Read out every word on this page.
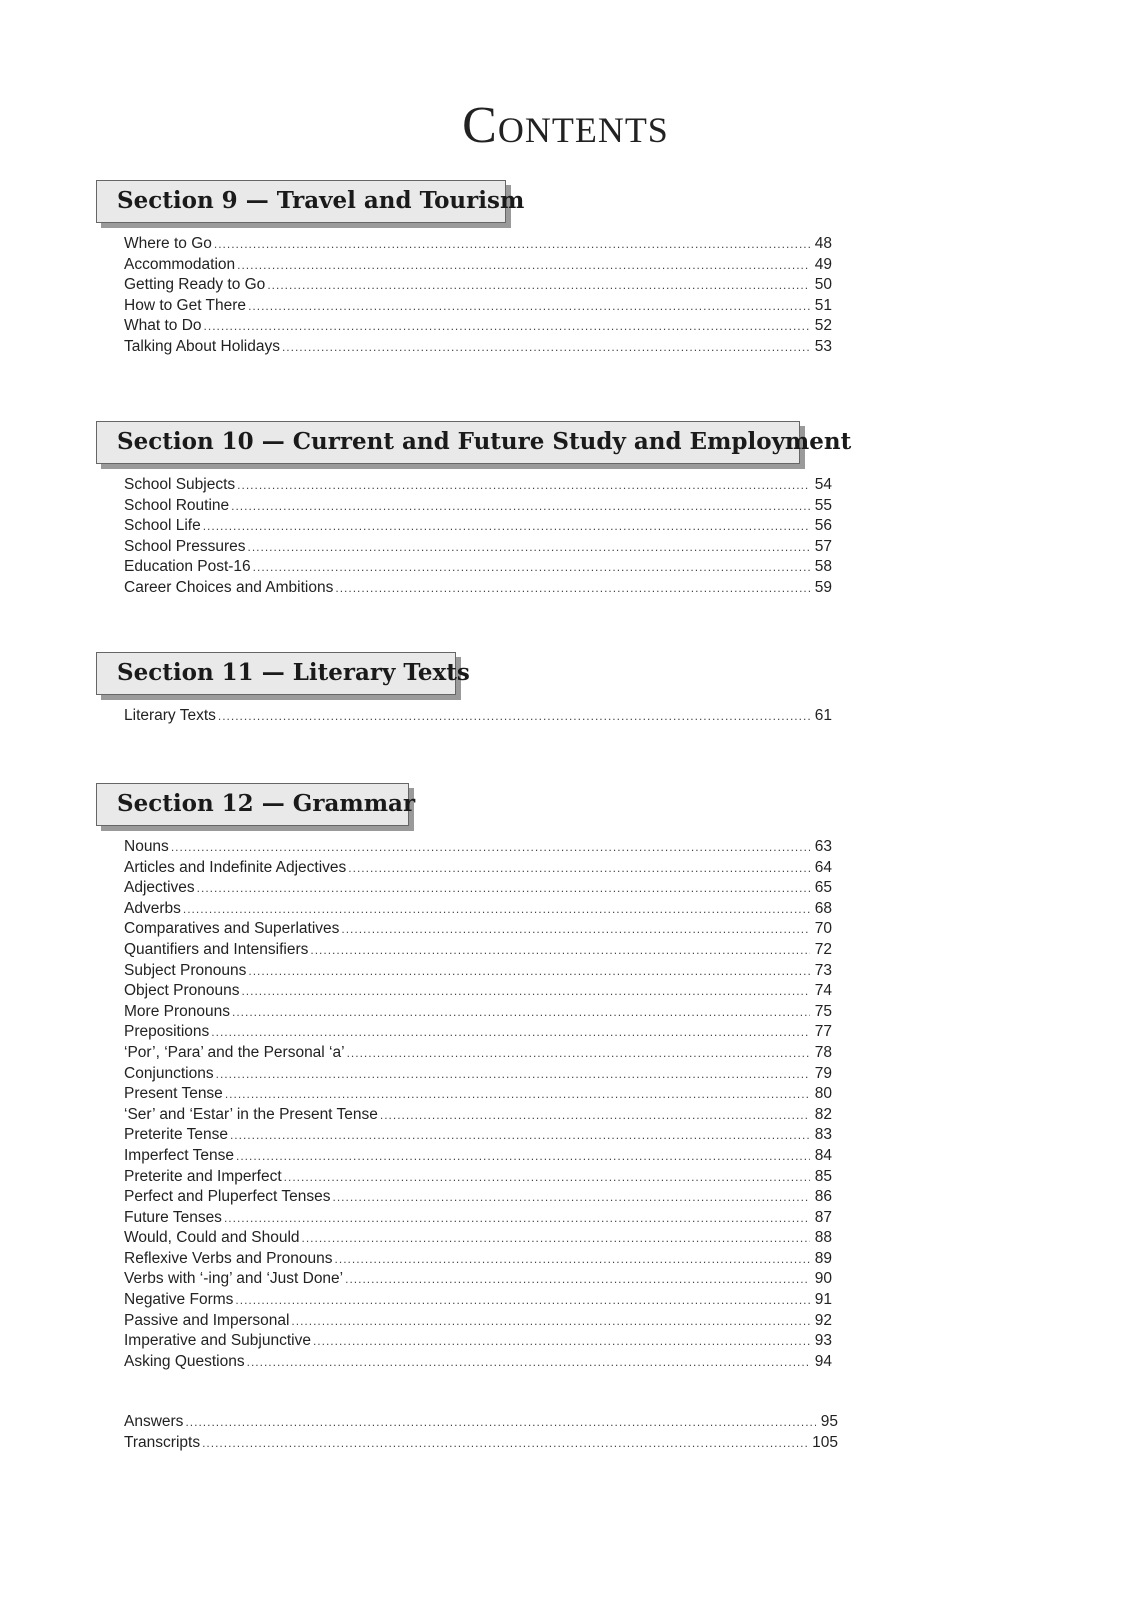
Contents
Section 9 — Travel and Tourism
Where to Go .....	48
Accommodation .....	49
Getting Ready to Go .....	50
How to Get There .....	51
What to Do .....	52
Talking About Holidays .....	53
Section 10 — Current and Future Study and Employment
School Subjects .....	54
School Routine .....	55
School Life .....	56
School Pressures .....	57
Education Post-16 .....	58
Career Choices and Ambitions .....	59
Section 11 — Literary Texts
Literary Texts .....	61
Section 12 — Grammar
Nouns .....	63
Articles and Indefinite Adjectives .....	64
Adjectives .....	65
Adverbs .....	68
Comparatives and Superlatives .....	70
Quantifiers and Intensifiers .....	72
Subject Pronouns .....	73
Object Pronouns .....	74
More Pronouns .....	75
Prepositions .....	77
‘Por’, ‘Para’ and the Personal ‘a’ .....	78
Conjunctions .....	79
Present Tense .....	80
‘Ser’ and ‘Estar’ in the Present Tense .....	82
Preterite Tense .....	83
Imperfect Tense .....	84
Preterite and Imperfect .....	85
Perfect and Pluperfect Tenses .....	86
Future Tenses .....	87
Would, Could and Should .....	88
Reflexive Verbs and Pronouns .....	89
Verbs with ‘-ing’ and ‘Just Done’ .....	90
Negative Forms .....	91
Passive and Impersonal .....	92
Imperative and Subjunctive .....	93
Asking Questions .....	94
Answers .....	95
Transcripts .....	105
